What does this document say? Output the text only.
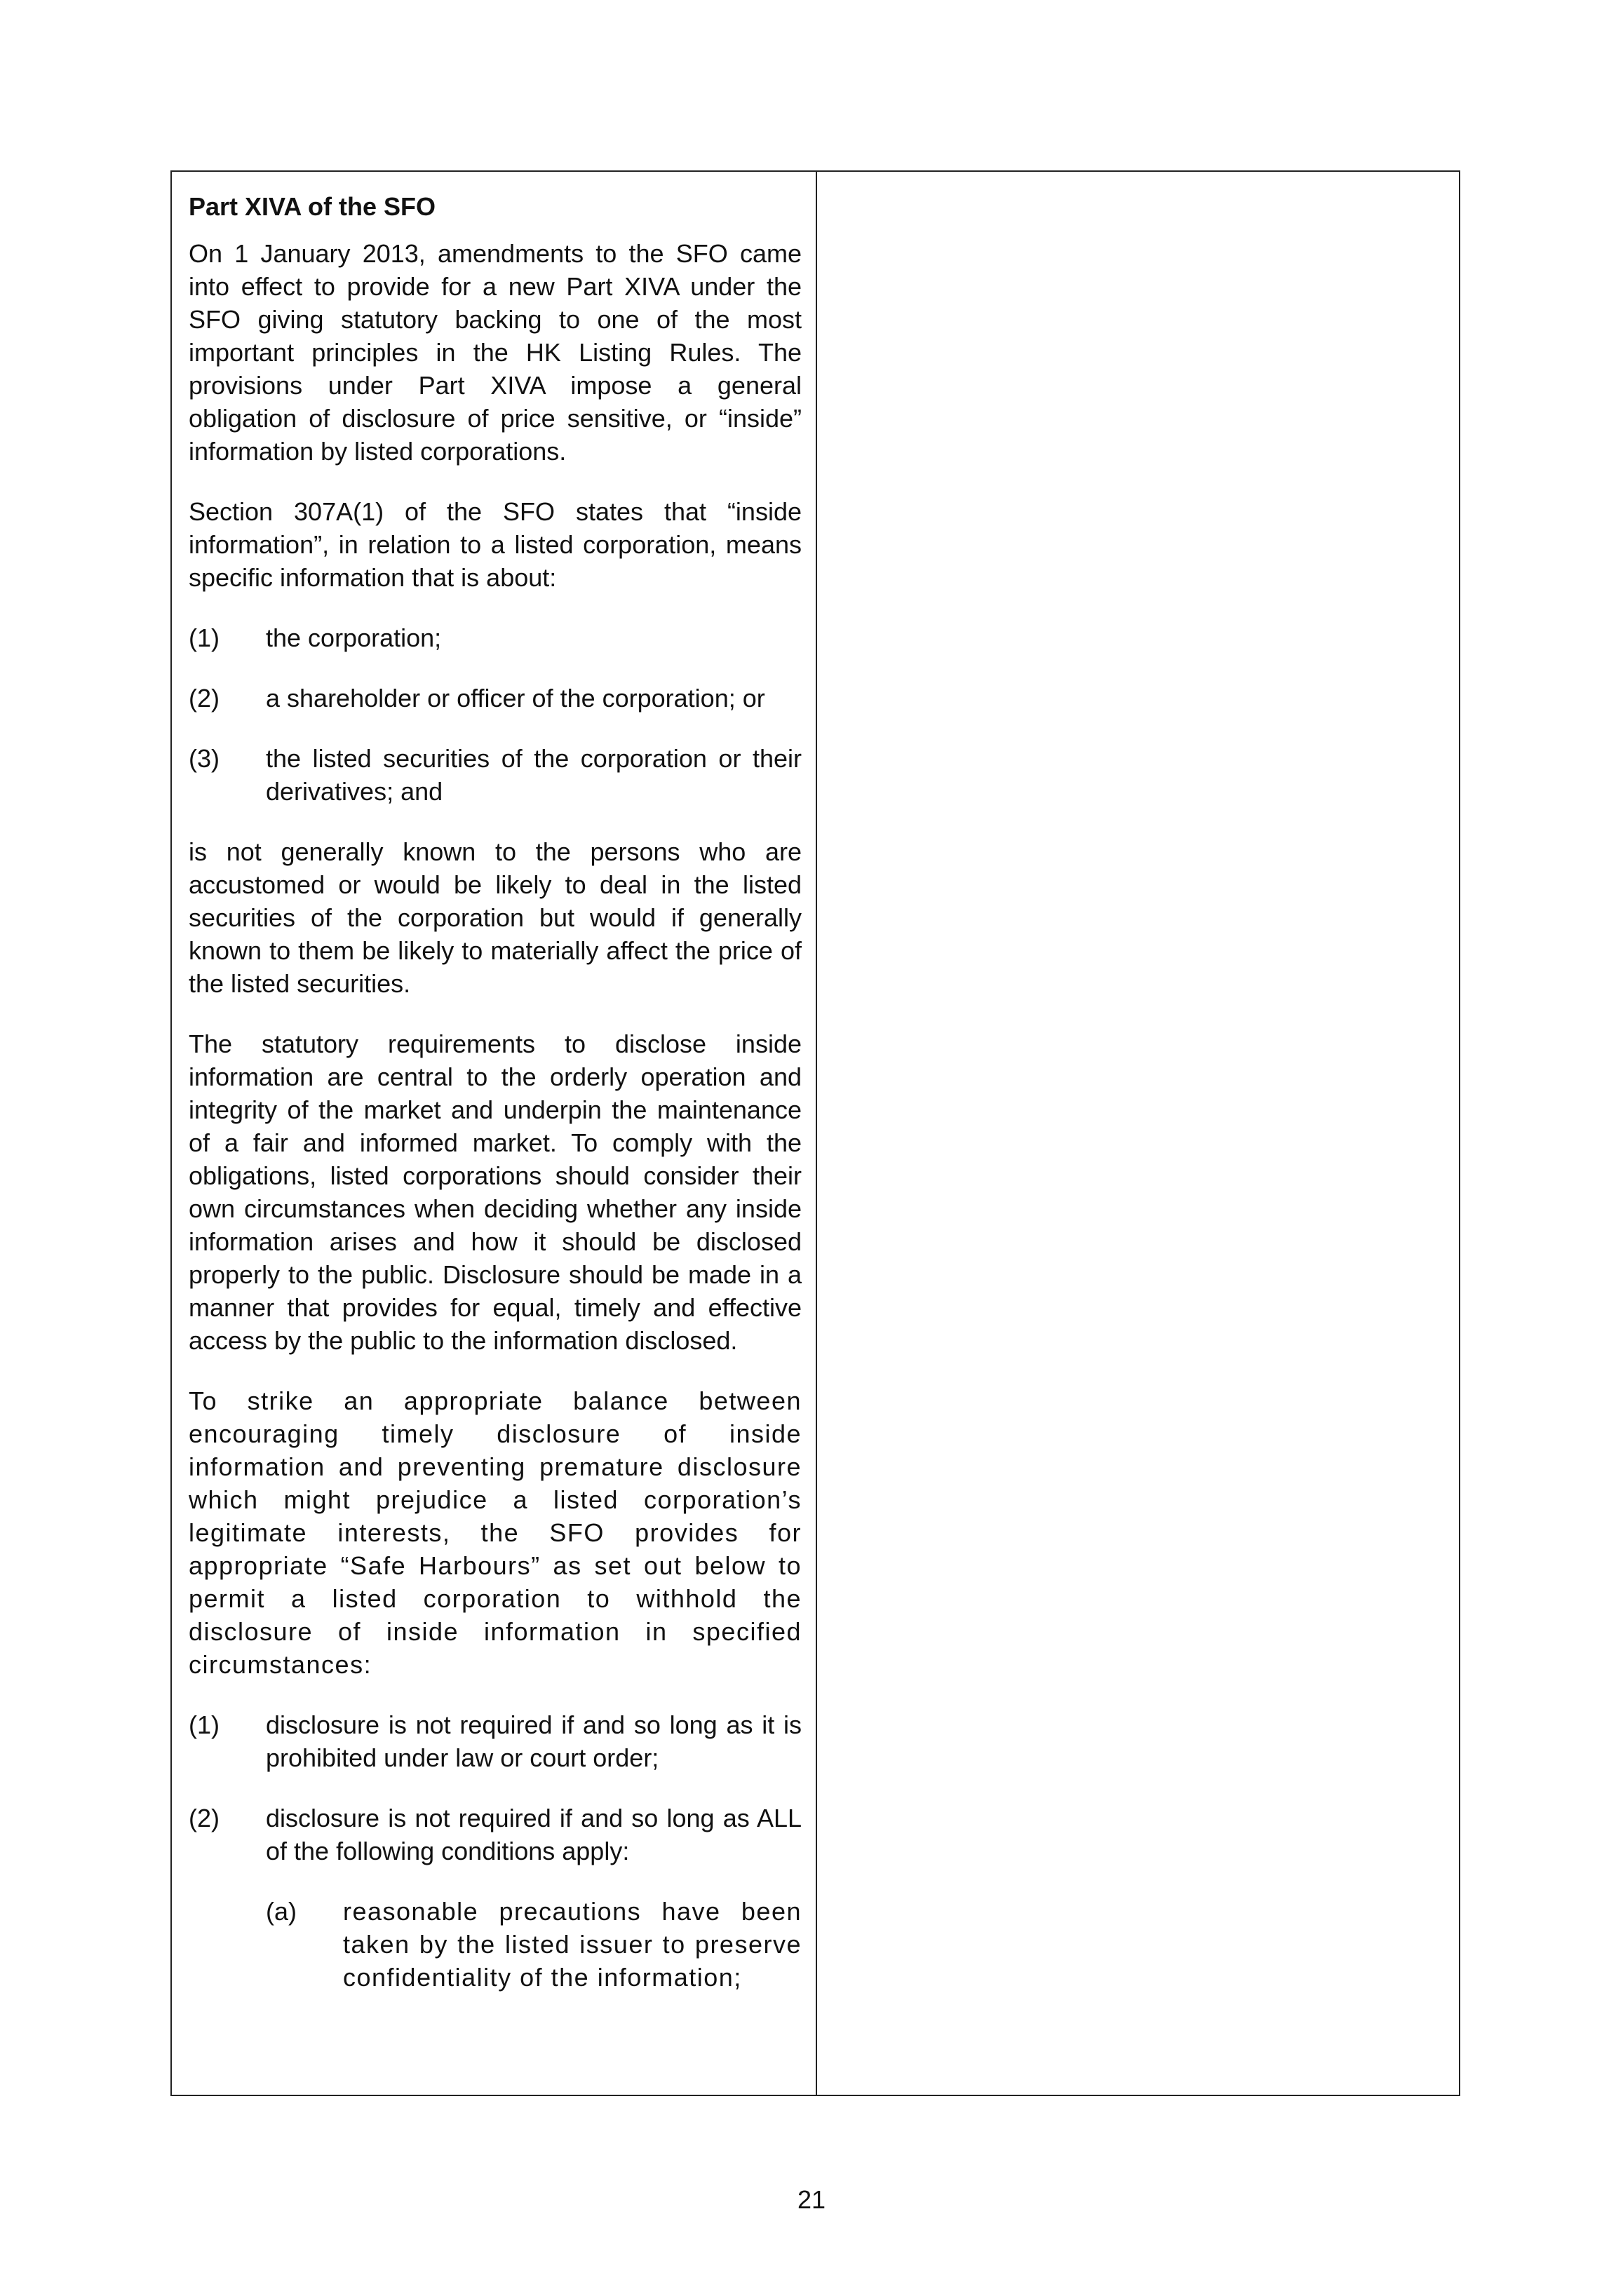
Part XIVA of the SFO
On 1 January 2013, amendments to the SFO came into effect to provide for a new Part XIVA under the SFO giving statutory backing to one of the most important principles in the HK Listing Rules. The provisions under Part XIVA impose a general obligation of disclosure of price sensitive, or “inside” information by listed corporations.
Section 307A(1) of the SFO states that “inside information”, in relation to a listed corporation, means specific information that is about:
(1)	the corporation;
(2)	a shareholder or officer of the corporation; or
(3)	the listed securities of the corporation or their derivatives; and
is not generally known to the persons who are accustomed or would be likely to deal in the listed securities of the corporation but would if generally known to them be likely to materially affect the price of the listed securities.
The statutory requirements to disclose inside information are central to the orderly operation and integrity of the market and underpin the maintenance of a fair and informed market. To comply with the obligations, listed corporations should consider their own circumstances when deciding whether any inside information arises and how it should be disclosed properly to the public. Disclosure should be made in a manner that provides for equal, timely and effective access by the public to the information disclosed.
To strike an appropriate balance between encouraging timely disclosure of inside information and preventing premature disclosure which might prejudice a listed corporation’s legitimate interests, the SFO provides for appropriate “Safe Harbours” as set out below to permit a listed corporation to withhold the disclosure of inside information in specified circumstances:
(1)	disclosure is not required if and so long as it is prohibited under law or court order;
(2)	disclosure is not required if and so long as ALL of the following conditions apply:
(a)	reasonable precautions have been taken by the listed issuer to preserve confidentiality of the information;
21
